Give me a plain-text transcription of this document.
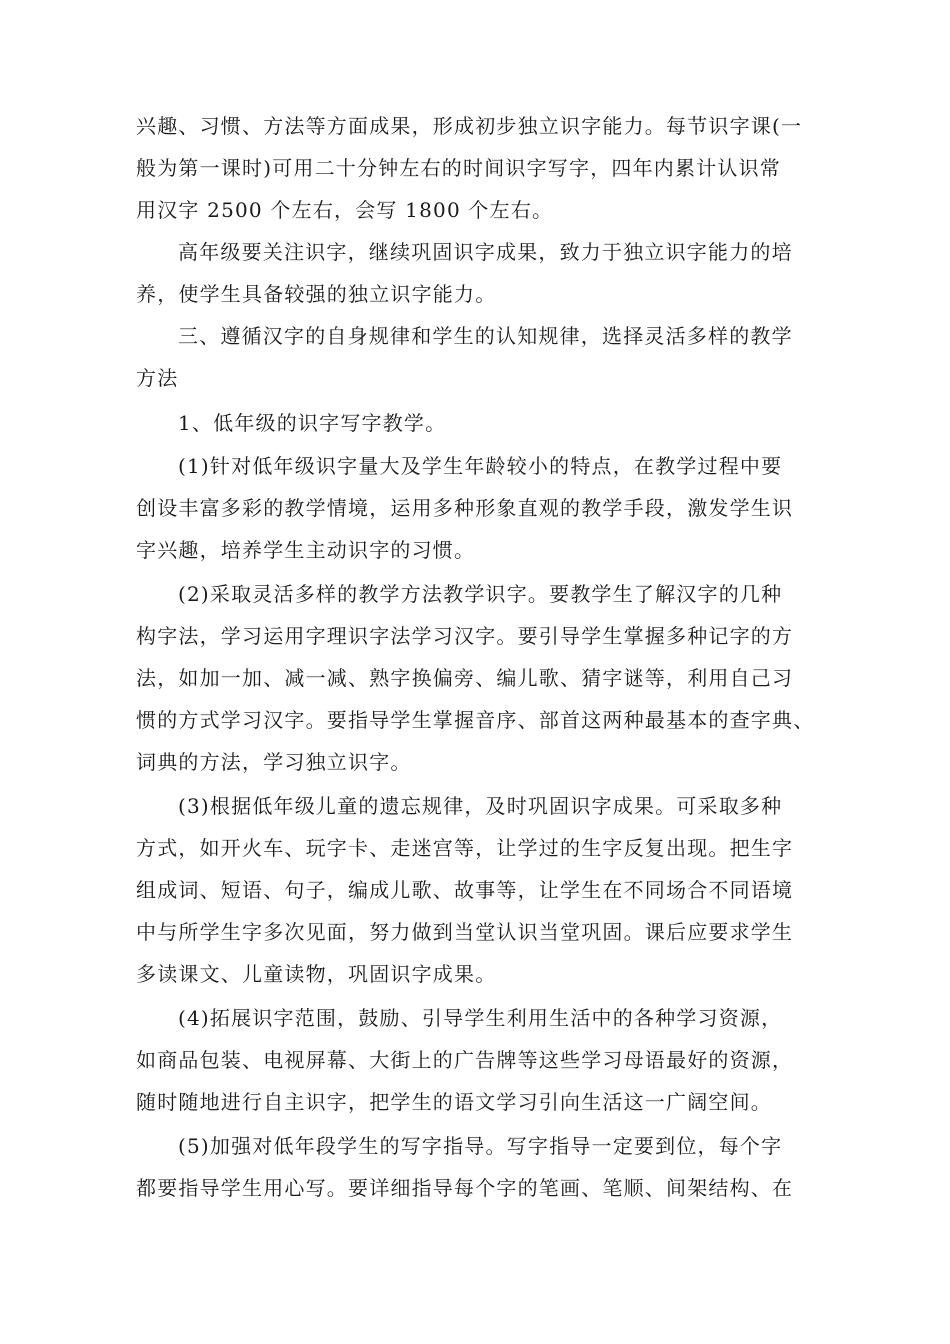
兴趣、习惯、方法等方面成果，形成初步独立识字能力。每节识字课(一

般为第一课时)可用二十分钟左右的时间识字写字，四年内累计认识常

用汉字 2500 个左右，会写 1800 个左右。

高年级要关注识字，继续巩固识字成果，致力于独立识字能力的培

养，使学生具备较强的独立识字能力。

三、遵循汉字的自身规律和学生的认知规律，选择灵活多样的教学

方法

1、低年级的识字写字教学。

(1)针对低年级识字量大及学生年龄较小的特点，在教学过程中要

创设丰富多彩的教学情境，运用多种形象直观的教学手段，激发学生识

字兴趣，培养学生主动识字的习惯。

(2)采取灵活多样的教学方法教学识字。要教学生了解汉字的几种

构字法，学习运用字理识字法学习汉字。要引导学生掌握多种记字的方

法，如加一加、减一减、熟字换偏旁、编儿歌、猜字谜等，利用自己习

惯的方式学习汉字。要指导学生掌握音序、部首这两种最基本的查字典、

词典的方法，学习独立识字。

(3)根据低年级儿童的遗忘规律，及时巩固识字成果。可采取多种

方式，如开火车、玩字卡、走迷宫等，让学过的生字反复出现。把生字

组成词、短语、句子，编成儿歌、故事等，让学生在不同场合不同语境

中与所学生字多次见面，努力做到当堂认识当堂巩固。课后应要求学生

多读课文、儿童读物，巩固识字成果。

(4)拓展识字范围，鼓励、引导学生利用生活中的各种学习资源，

如商品包装、电视屏幕、大街上的广告牌等这些学习母语最好的资源，

随时随地进行自主识字，把学生的语文学习引向生活这一广阔空间。

(5)加强对低年段学生的写字指导。写字指导一定要到位，每个字

都要指导学生用心写。要详细指导每个字的笔画、笔顺、间架结构、在
